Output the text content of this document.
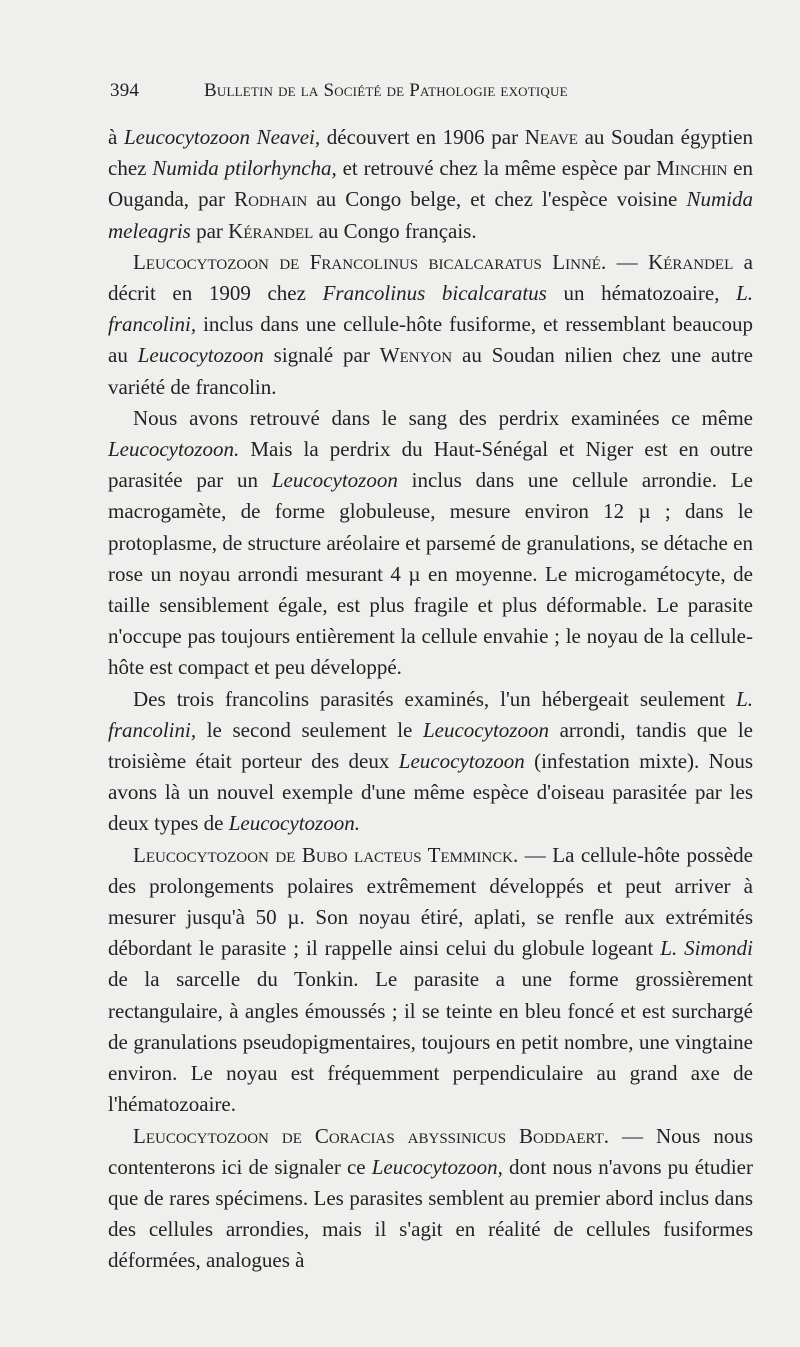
394	Bulletin de la Société de Pathologie exotique

à Leucocytozoon Neavei, découvert en 1906 par Neave au Soudan égyptien chez Numida ptilorhyncha, et retrouvé chez la même espèce par Minchin en Ouganda, par Rodhain au Congo belge, et chez l'espèce voisine Numida meleagris par Kérandel au Congo français.

Leucocytozoon de Francolinus bicalcaratus Linné. — Kérandel a décrit en 1909 chez Francolinus bicalcaratus un hématozoaire, L. francolini, inclus dans une cellule-hôte fusiforme, et ressemblant beaucoup au Leucocytozoon signalé par Wenyon au Soudan nilien chez une autre variété de francolin.

Nous avons retrouvé dans le sang des perdrix examinées ce même Leucocytozoon. Mais la perdrix du Haut-Sénégal et Niger est en outre parasitée par un Leucocytozoon inclus dans une cellule arrondie. Le macrogamète, de forme globuleuse, mesure environ 12 µ ; dans le protoplasme, de structure aréolaire et parsemé de granulations, se détache en rose un noyau arrondi mesurant 4 µ en moyenne. Le microgamétocyte, de taille sensiblement égale, est plus fragile et plus déformable. Le parasite n'occupe pas toujours entièrement la cellule envahie ; le noyau de la cellule-hôte est compact et peu développé.

Des trois francolins parasités examinés, l'un hébergeait seulement L. francolini, le second seulement le Leucocytozoon arrondi, tandis que le troisième était porteur des deux Leucocytozoon (infestation mixte). Nous avons là un nouvel exemple d'une même espèce d'oiseau parasitée par les deux types de Leucocytozoon.

Leucocytozoon de Bubo lacteus Temminck. — La cellule-hôte possède des prolongements polaires extrêmement développés et peut arriver à mesurer jusqu'à 50 µ. Son noyau étiré, aplati, se renfle aux extrémités débordant le parasite ; il rappelle ainsi celui du globule logeant L. Simondi de la sarcelle du Tonkin. Le parasite a une forme grossièrement rectangulaire, à angles émoussés ; il se teinte en bleu foncé et est surchargé de granulations pseudopigmentaires, toujours en petit nombre, une vingtaine environ. Le noyau est fréquemment perpendiculaire au grand axe de l'hématozoaire.

Leucocytozoon de Coracias abyssinicus Boddaert. — Nous nous contenterons ici de signaler ce Leucocytozoon, dont nous n'avons pu étudier que de rares spécimens. Les parasites semblent au premier abord inclus dans des cellules arrondies, mais il s'agit en réalité de cellules fusiformes déformées, analogues à
